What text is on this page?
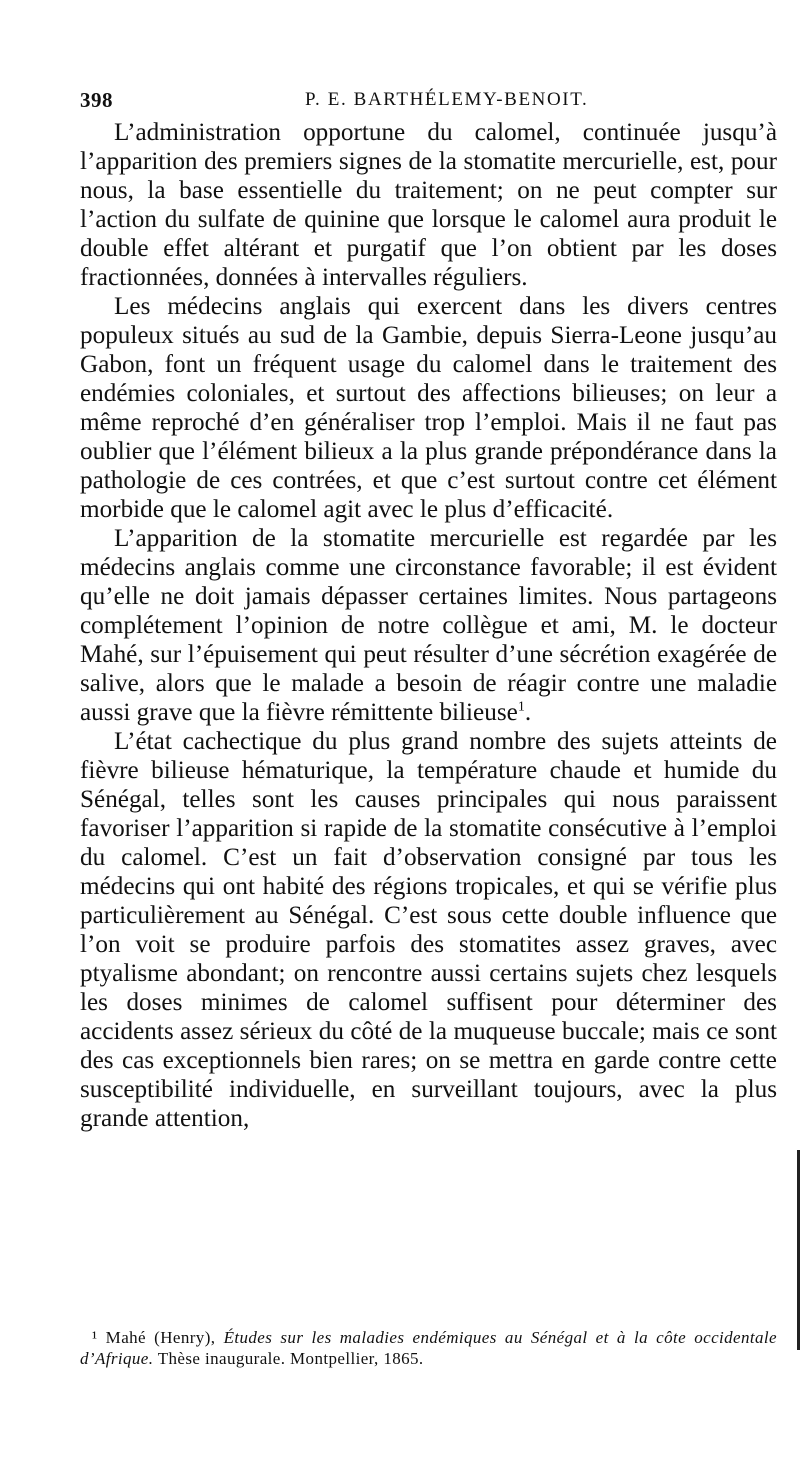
398	P. E. BARTHÉLEMY-BENOIT.

L’administration opportune du calomel, continuée jusqu’à l’apparition des premiers signes de la stomatite mercurielle, est, pour nous, la base essentielle du traitement; on ne peut compter sur l’action du sulfate de quinine que lorsque le calomel aura produit le double effet altérant et purgatif que l’on obtient par les doses fractionnées, données à intervalles réguliers.

Les médecins anglais qui exercent dans les divers centres populeux situés au sud de la Gambie, depuis Sierra-Leone jusqu’au Gabon, font un fréquent usage du calomel dans le traitement des endémies coloniales, et surtout des affections bilieuses; on leur a même reproché d’en généraliser trop l’emploi. Mais il ne faut pas oublier que l’élément bilieux a la plus grande prépondérance dans la pathologie de ces contrées, et que c’est surtout contre cet élément morbide que le calomel agit avec le plus d’efficacité.

L’apparition de la stomatite mercurielle est regardée par les médecins anglais comme une circonstance favorable; il est évident qu’elle ne doit jamais dépasser certaines limites. Nous partageons complétement l’opinion de notre collègue et ami, M. le docteur Mahé, sur l’épuisement qui peut résulter d’une sécrétion exagérée de salive, alors que le malade a besoin de réagir contre une maladie aussi grave que la fièvre rémittente bilieuse$^1$.

L’état cachectique du plus grand nombre des sujets atteints de fièvre bilieuse hématurique, la température chaude et humide du Sénégal, telles sont les causes principales qui nous paraissent favoriser l’apparition si rapide de la stomatite consécutive à l’emploi du calomel. C’est un fait d’observation consigné par tous les médecins qui ont habité des régions tropicales, et qui se vérifie plus particulièrement au Sénégal. C’est sous cette double influence que l’on voit se produire parfois des stomatites assez graves, avec ptyalisme abondant; on rencontre aussi certains sujets chez lesquels les doses minimes de calomel suffisent pour déterminer des accidents assez sérieux du côté de la muqueuse buccale; mais ce sont des cas exceptionnels bien rares; on se mettra en garde contre cette susceptibilité individuelle, en surveillant toujours, avec la plus grande attention,

¹ Mahé (Henry), Études sur les maladies endémiques au Sénégal et à la côte occidentale d’Afrique. Thèse inaugurale. Montpellier, 1865.
